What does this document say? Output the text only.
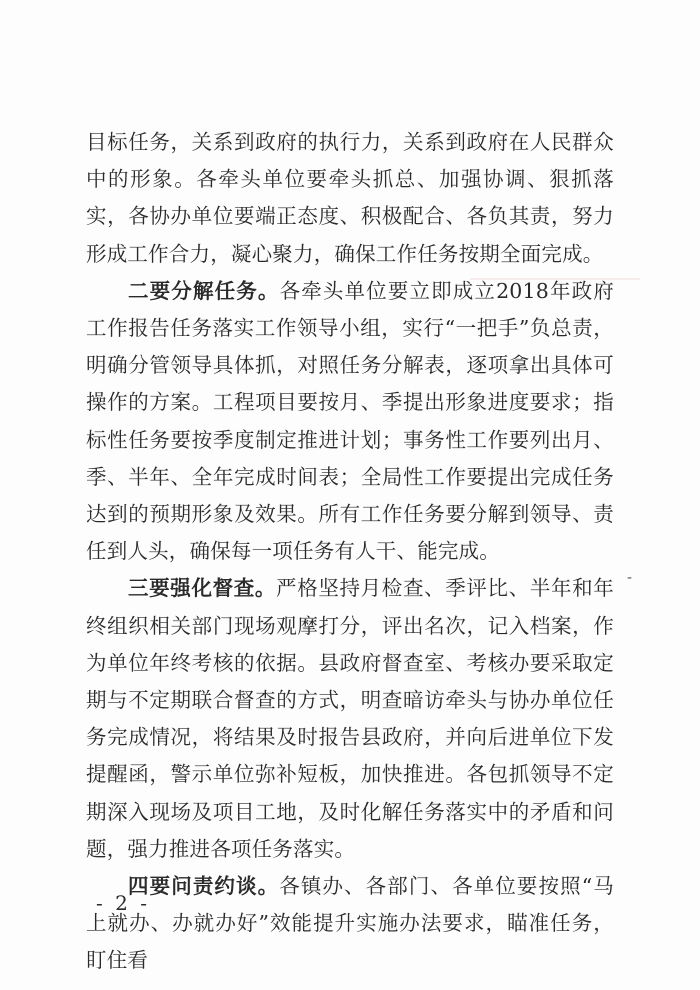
目标任务，关系到政府的执行力，关系到政府在人民群众中的形象。各牵头单位要牵头抓总、加强协调、狠抓落实，各协办单位要端正态度、积极配合、各负其责，努力形成工作合力，凝心聚力，确保工作任务按期全面完成。

二要分解任务。各牵头单位要立即成立2018年政府工作报告任务落实工作领导小组，实行“一把手”负总责，明确分管领导具体抓，对照任务分解表，逐项拿出具体可操作的方案。工程项目要按月、季提出形象进度要求；指标性任务要按季度制定推进计划；事务性工作要列出月、季、半年、全年完成时间表；全局性工作要提出完成任务达到的预期形象及效果。所有工作任务要分解到领导、责任到人头，确保每一项任务有人干、能完成。

三要强化督查。严格坚持月检查、季评比、半年和年终组织相关部门现场观摩打分，评出名次，记入档案，作为单位年终考核的依据。县政府督查室、考核办要采取定期与不定期联合督查的方式，明查暗访牵头与协办单位任务完成情况，将结果及时报告县政府，并向后进单位下发提醒函，警示单位弥补短板，加快推进。各包抓领导不定期深入现场及项目工地，及时化解任务落实中的矛盾和问题，强力推进各项任务落实。

四要问责约谈。各镇办、各部门、各单位要按照“马上就办、办就办好”效能提升实施办法要求，瞄准任务，盯住看

-
- 2 -
